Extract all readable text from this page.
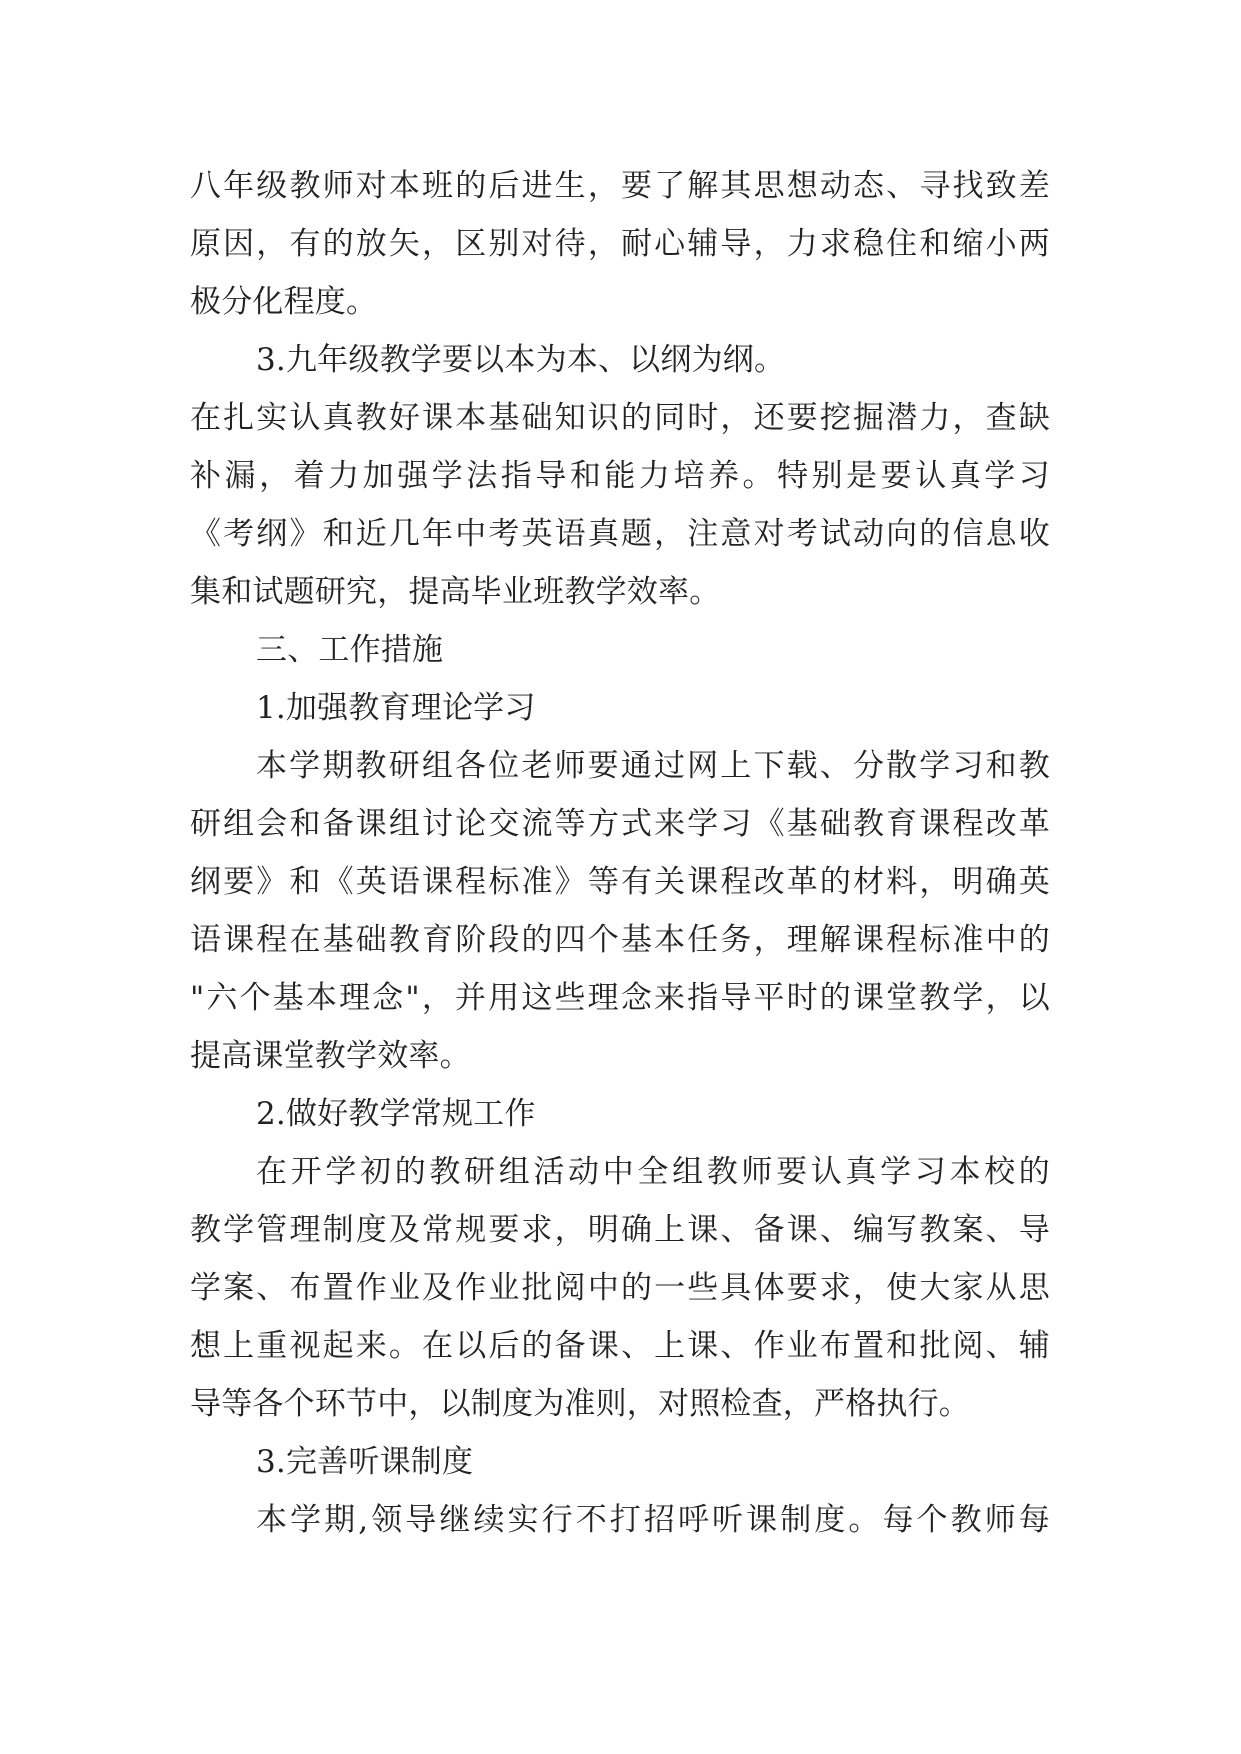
八年级教师对本班的后进生，要了解其思想动态、寻找致差
原因，有的放矢，区别对待，耐心辅导，力求稳住和缩小两
极分化程度。
3.九年级教学要以本为本、以纲为纲。
在扎实认真教好课本基础知识的同时，还要挖掘潜力，查缺
补漏，着力加强学法指导和能力培养。特别是要认真学习
《考纲》和近几年中考英语真题，注意对考试动向的信息收
集和试题研究，提高毕业班教学效率。
三、工作措施
1.加强教育理论学习
本学期教研组各位老师要通过网上下载、分散学习和教
研组会和备课组讨论交流等方式来学习《基础教育课程改革
纲要》和《英语课程标准》等有关课程改革的材料，明确英
语课程在基础教育阶段的四个基本任务，理解课程标准中的
"六个基本理念"，并用这些理念来指导平时的课堂教学，以
提高课堂教学效率。
2.做好教学常规工作
在开学初的教研组活动中全组教师要认真学习本校的
教学管理制度及常规要求，明确上课、备课、编写教案、导
学案、布置作业及作业批阅中的一些具体要求，使大家从思
想上重视起来。在以后的备课、上课、作业布置和批阅、辅
导等各个环节中，以制度为准则，对照检查，严格执行。
3.完善听课制度
本学期,领导继续实行不打招呼听课制度。每个教师每
